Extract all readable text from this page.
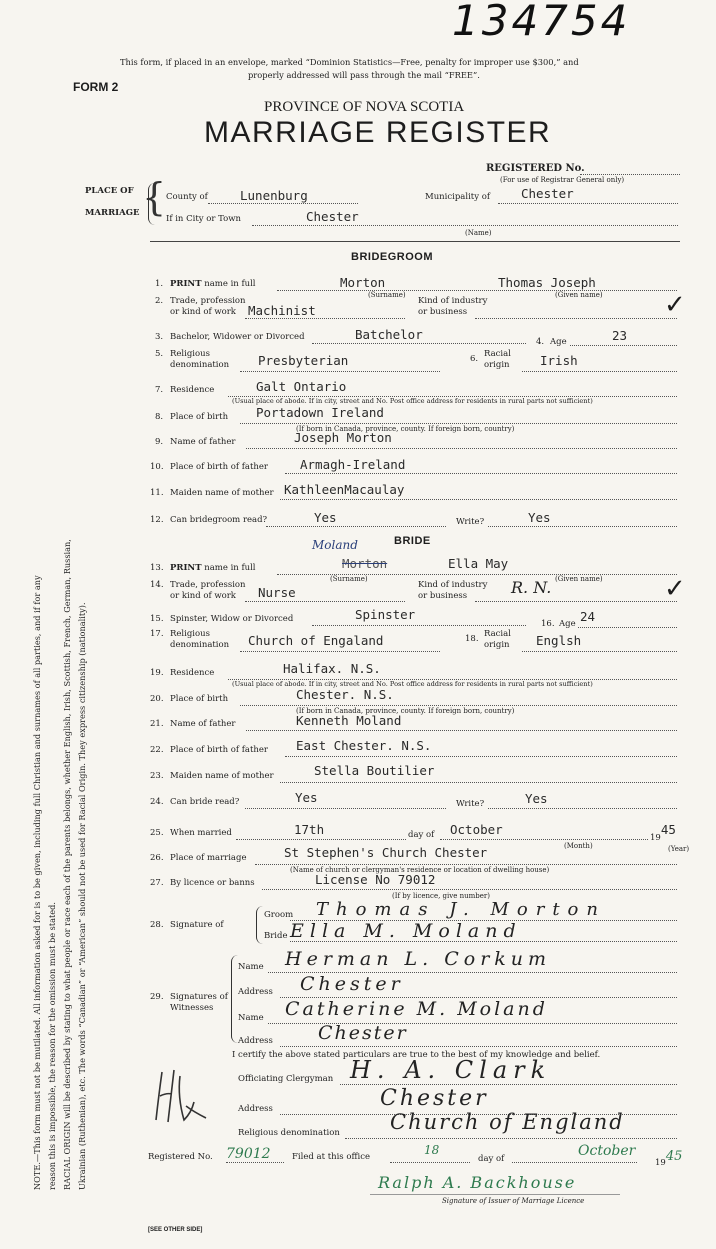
134754
This form, if placed in an envelope, marked “Dominion Statistics—Free, penalty for improper use $300,” and
properly addressed will pass through the mail “FREE”.
FORM 2
PROVINCE OF NOVA SCOTIA
MARRIAGE REGISTER
REGISTERED No.
(For use of Registrar General only)
PLACE OF
MARRIAGE
County of	Lunenburg	Municipality of Chester
If in City or Town	Chester
(Name)
BRIDEGROOM
1. PRINT name in full	Morton	Thomas Joseph
(Surname)	(Given name)
2. Trade, profession
or kind of work Machinist
Kind of industry
or business	✓
3. Bachelor, Widower or Divorced	Batchelor	4. Age	23
5. Religious
denomination Presbyterian	6. Racial
origin Irish
7. Residence	Galt Ontario
(Usual place of abode. If in city, street and No. Post office address for residents in rural parts not sufficient)
8. Place of birth Portadown Ireland
(If born in Canada, province, county. If foreign born, country)
9. Name of father	Joseph Morton
10. Place of birth of father	Armagh-Ireland
11. Maiden name of mother KathleenMacaulay
12. Can bridegroom read?	Yes	Write?	Yes
BRIDE
13. PRINT name in full
Moland
Morton	Ella May
(Surname)	(Given name)
14. Trade, profession
or kind of work Nurse	Kind of industry
or business	R. N.	✓
15. Spinster, Widow or Divorced	Spinster
16. Age 24
17. Religious
denomination Church of Engaland	18. Racial
origin Englsh
19. Residence	Halifax. N.S.
(Usual place of abode. If in city, street and No. Post office address for residents in rural parts not sufficient)
20. Place of birth	Chester. N.S.
(If born in Canada, province, county. If foreign born, country)
21. Name of father	Kenneth Moland
22. Place of birth of father East Chester. N.S.
23. Maiden name of mother	Stella Boutilier
24. Can bride read?	Yes	Write?	Yes
25. When married	17th	day of October
1945
(Month)	(Year)
26. Place of marriage	St Stephen's Church Chester
(Name of church or clergyman's residence or location of dwelling house)
27. By licence or banns	License No 79012
(If by licence, give number)
28. Signature of
Groom Thomas J. Morton
Bride Ella M. Moland
29. Signatures of
Witnesses
Name Herman L. Corkum
Address Chester
Name Catherine M. Moland
Address Chester
I certify the above stated particulars are true to the best of my knowledge and belief.
Officiating Clergyman H. A. Clark
Address	Chester
Religious denomination Church of England
Registered No. 79012	Filed at this office	18
day of	October
1945
Ralph A. Backhouse
Signature of Issuer of Marriage Licence
[SEE OTHER SIDE]
NOTE.—This form must not be mutilated. All information asked for is to be given, including full Christian and surnames of all parties, and if for any reason this is impossible, the reason for the omission must be stated. RACIAL ORIGIN will be described by stating to what people or race each of the parents belongs, whether English, Irish, Scottish, French, German, Russian, Ukrainian (Ruthenian), etc. The words “Canadian” or “American” should not be used for Racial Origin. They express citizenship (nationality).
{
